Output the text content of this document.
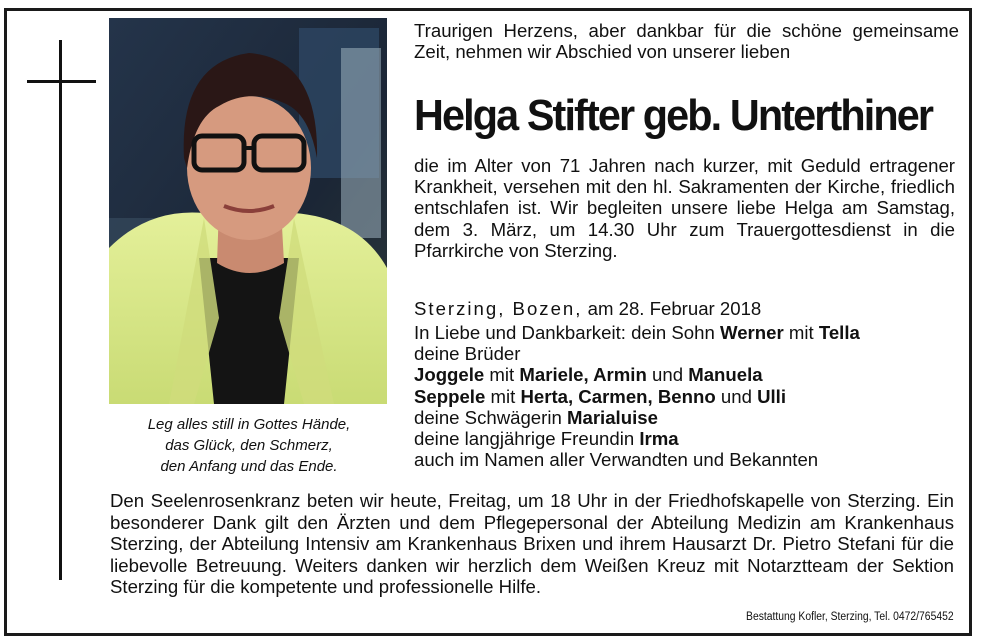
Leg alles still in Gottes Hände,
das Glück, den Schmerz,
den Anfang und das Ende.
Traurigen Herzens, aber dankbar für die schöne gemeinsame Zeit, nehmen wir Abschied von unserer lieben
Helga Stifter geb. Unterthiner
die im Alter von 71 Jahren nach kurzer, mit Geduld ertragener Krankheit, versehen mit den hl. Sakramenten der Kirche, friedlich entschlafen ist. Wir begleiten unsere liebe Helga am Samstag, dem 3. März, um 14.30 Uhr zum Trauergottesdienst in die Pfarrkirche von Sterzing.
Sterzing, Bozen, am 28. Februar 2018
In Liebe und Dankbarkeit: dein Sohn Werner mit Tella
deine Brüder
Joggele mit Mariele, Armin und Manuela
Seppele mit Herta, Carmen, Benno und Ulli
deine Schwägerin Marialuise
deine langjährige Freundin Irma
auch im Namen aller Verwandten und Bekannten
Den Seelenrosenkranz beten wir heute, Freitag, um 18 Uhr in der Friedhofskapelle von Sterzing. Ein besonderer Dank gilt den Ärzten und dem Pflegepersonal der Abteilung Medizin am Krankenhaus Sterzing, der Abteilung Intensiv am Krankenhaus Brixen und ihrem Hausarzt Dr. Pietro Stefani für die liebevolle Betreuung. Weiters danken wir herzlich dem Weißen Kreuz mit Notarztteam der Sektion Sterzing für die kompetente und professionelle Hilfe.
Bestattung Kofler, Sterzing, Tel. 0472/765452
